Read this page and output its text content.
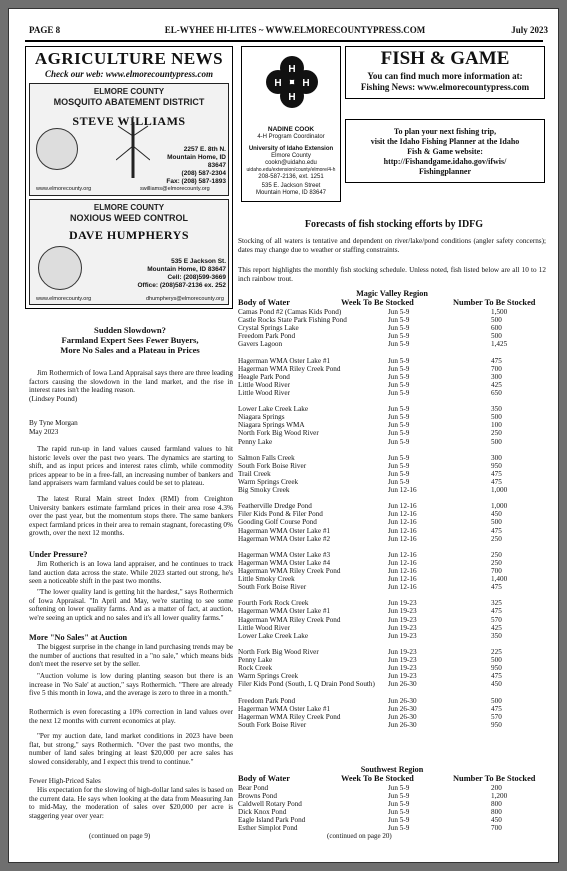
PAGE 8	EL-WYHEE HI-LITES ~ WWW.ELMORECOUNTYPRESS.COM	July 2023
AGRICULTURE NEWS
Check our web: www.elmorecountypress.com
ELMORE COUNTY
MOSQUITO ABATEMENT DISTRICT
STEVE WILLIAMS
2257 E. 8th N.
Mountain Home, ID 83647
(208) 587-2304
Fax: (208) 587-1893
www.elmorecounty.org	swilliams@elmorecounty.org
ELMORE COUNTY
NOXIOUS WEED CONTROL
DAVE HUMPHERYS
535 E Jackson St.
Mountain Home, ID 83647
Cell: (208)599-3669
Office: (208)587-2136 ex. 252
www.elmorecounty.org	dhumpherys@elmorecounty.org
H
H H
H
NADINE COOK
4-H Program Coordinator
University of Idaho Extension
Elmore County
cookn@uidaho.edu
uidaho.edu/extension/county/elmore/4-h
208-587-2136, ext. 1251
535 E. Jackson Street
Mountain Home, ID 83647
FISH & GAME
You can find much more information at:
Fishing News: www.elmorecountypress.com
To plan your next fishing trip,
visit the Idaho Fishing Planner at the Idaho
Fish & Game website:
http://Fishandgame.idaho.gov/ifwis/
Fishingplanner
Forecasts of fish stocking efforts by IDFG
Stocking of all waters is tentative and dependent on river/lake/pond conditions (angler safety concerns); dates may change due to weather or staffing constraints.
This report highlights the monthly fish stocking schedule. Unless noted, fish listed below are all 10 to 12 inch rainbow trout.
Magic Valley Region
Body of Water	Week To Be Stocked	Number To Be Stocked
Camas Pond #2 (Camas Kids Pond)	Jun 5-9	1,500
Castle Rocks State Park Fishing Pond	Jun 5-9	500
Crystal Springs Lake	Jun 5-9	600
Freedom Park Pond	Jun 5-9	500
Gavers Lagoon	Jun 5-9	1,425
Hagerman WMA Oster Lake #1	Jun 5-9	475
Hagerman WMA Riley Creek Pond	Jun 5-9	700
Heagle Park Pond	Jun 5-9	300
Little Wood River	Jun 5-9	425
Little Wood River	Jun 5-9	650
Lower Lake Creek Lake	Jun 5-9	350
Niagara Springs	Jun 5-9	500
Niagara Springs WMA	Jun 5-9	100
North Fork Big Wood River	Jun 5-9	250
Penny Lake	Jun 5-9	500
Salmon Falls Creek	Jun 5-9	300
South Fork Boise River	Jun 5-9	950
Trail Creek	Jun 5-9	475
Warm Springs Creek	Jun 5-9	475
Big Smoky Creek	Jun 12-16	1,000
Featherville Dredge Pond	Jun 12-16	1,000
Filer Kids Pond & Filer Pond	Jun 12-16	450
Gooding Golf Course Pond	Jun 12-16	500
Hagerman WMA Oster Lake #1	Jun 12-16	475
Hagerman WMA Oster Lake #2	Jun 12-16	250
Hagerman WMA Oster Lake #3	Jun 12-16	250
Hagerman WMA Oster Lake #4	Jun 12-16	250
Hagerman WMA Riley Creek Pond	Jun 12-16	700
Little Smoky Creek	Jun 12-16	1,400
South Fork Boise River	Jun 12-16	475
Fourth Fork Rock Creek	Jun 19-23	325
Hagerman WMA Oster Lake #1	Jun 19-23	475
Hagerman WMA Riley Creek Pond	Jun 19-23	570
Little Wood River	Jun 19-23	425
Lower Lake Creek Lake	Jun 19-23	350
North Fork Big Wood River	Jun 19-23	225
Penny Lake	Jun 19-23	500
Rock Creek	Jun 19-23	950
Warm Springs Creek	Jun 19-23	475
Filer Kids Pond (South, L Q Drain Pond South) Jun 26-30	450
Freedom Park Pond	Jun 26-30	500
Hagerman WMA Oster Lake #1	Jun 26-30	475
Hagerman WMA Riley Creek Pond	Jun 26-30	570
South Fork Boise River	Jun 26-30	950
Southwest Region
Body of Water	Week To Be Stocked	Number To Be Stocked
Bear Pond	Jun 5-9	200
Browns Pond	Jun 5-9	1,200
Caldwell Rotary Pond	Jun 5-9	800
Dick Knox Pond	Jun 5-9	800
Eagle Island Park Pond	Jun 5-9	450
Esther Simplot Pond	Jun 5-9	700
Sudden Slowdown?
Farmland Expert Sees Fewer Buyers,
More No Sales and a Plateau in Prices
Jim Rothermich of Iowa Land Appraisal says there are three leading factors causing the slowdown in the land market, and the rise in interest rates isn't the leading reason.
(Lindsey Pound)
By Tyne Morgan
May 2023
The rapid run-up in land values caused farmland values to hit historic levels over the past two years. The dynamics are starting to shift, and as input prices and interest rates climb, while commodity prices appear to be in a free-fall, an increasing number of bankers and land appraisers warn farmland values could be set to plateau.
The latest Rural Main street Index (RMI) from Creighton University bankers estimate farmland prices in their area rose 4.3% over the past year, but the momentum stops there. The same bankers expect farmland prices in their area to remain stagnant, forecasting 0% growth, over the next 12 months.
Under Pressure?
Jim Rotherich is an Iowa land appraiser, and he continues to track land auction data across the state. While 2023 started out strong, he's seen a noticeable shift in the past two months.
"The lower quality land is getting hit the hardest," says Rothermich of Iowa Appraisal. "In April and May, we're starting to see some softening on lower quality farms. And as a matter of fact, at auction, we're seeing an uptick and no sales and it's all lower quality farms."
More "No Sales" at Auction
The biggest surprise in the change in land purchasing trends may be the number of auctions that resulted in a "no sale," which means bids don't meet the reserve set by the seller.
"Auction volume is low during planting season but there is an increase in 'No Sale' at auction," says Rothermich. "There are already five 5 this month in Iowa, and the average is zero to three in a month."
Rothermich is even forecasting a 10% correction in land values over the next 12 months with current economics at play.
"Per my auction date, land market conditions in 2023 have been flat, but strong," says Rothermich. "Over the past two months, the number of land sales bringing at least $20,000 per acre sales has slowed considerably, and I expect this trend to continue."
Fewer High-Priced Sales
His expectation for the slowing of high-dollar land sales is based on the current data. He says when looking at the data from Measuring Jan to mid-May, the moderation of sales over $20,000 per acre is staggering year over year:
(continued on page 9)	(continued on page 20)
